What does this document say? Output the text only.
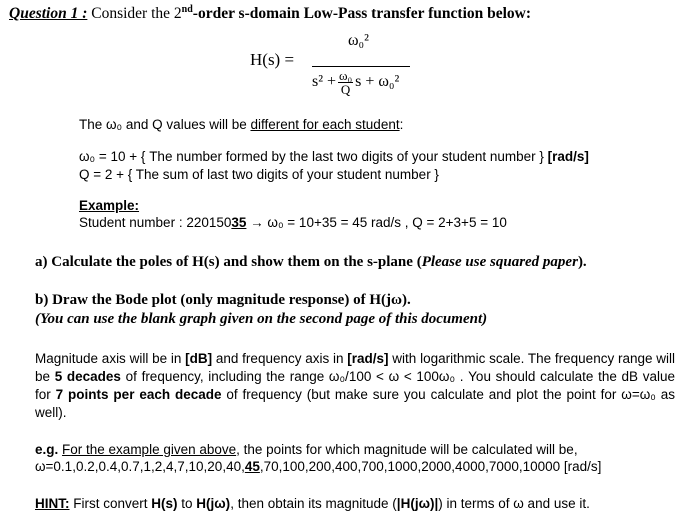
Question 1 : Consider the 2nd-order s-domain Low-Pass transfer function below:
H(s) =
ω₀²
$s^2 + \frac{\text{ω₀}}{Q}$ s + ω₀²
The ω₀ and Q values will be different for each student:
ω₀ = 10 + { The number formed by the last two digits of your student number } [rad/s]
Q = 2 + { The sum of last two digits of your student number }
Example:
Student number : 22015035 → ω₀ = 10+35 = 45 rad/s , Q = 2+3+5 = 10
a) Calculate the poles of H(s) and show them on the s-plane (Please use squared paper).
b) Draw the Bode plot (only magnitude response) of H(jω).
(You can use the blank graph given on the second page of this document)
Magnitude axis will be in [dB] and frequency axis in [rad/s] with logarithmic scale. The frequency range will be 5 decades of frequency, including the range ω₀/100 < ω < 100ω₀ . You should calculate the dB value for 7 points per each decade of frequency (but make sure you calculate and plot the point for ω=ω₀ as well).
e.g. For the example given above, the points for which magnitude will be calculated will be,
ω=0.1,0.2,0.4,0.7,1,2,4,7,10,20,40,45,70,100,200,400,700,1000,2000,4000,7000,10000 [rad/s]
HINT: First convert H(s) to H(jω), then obtain its magnitude (|H(jω)|) in terms of ω and use it.
